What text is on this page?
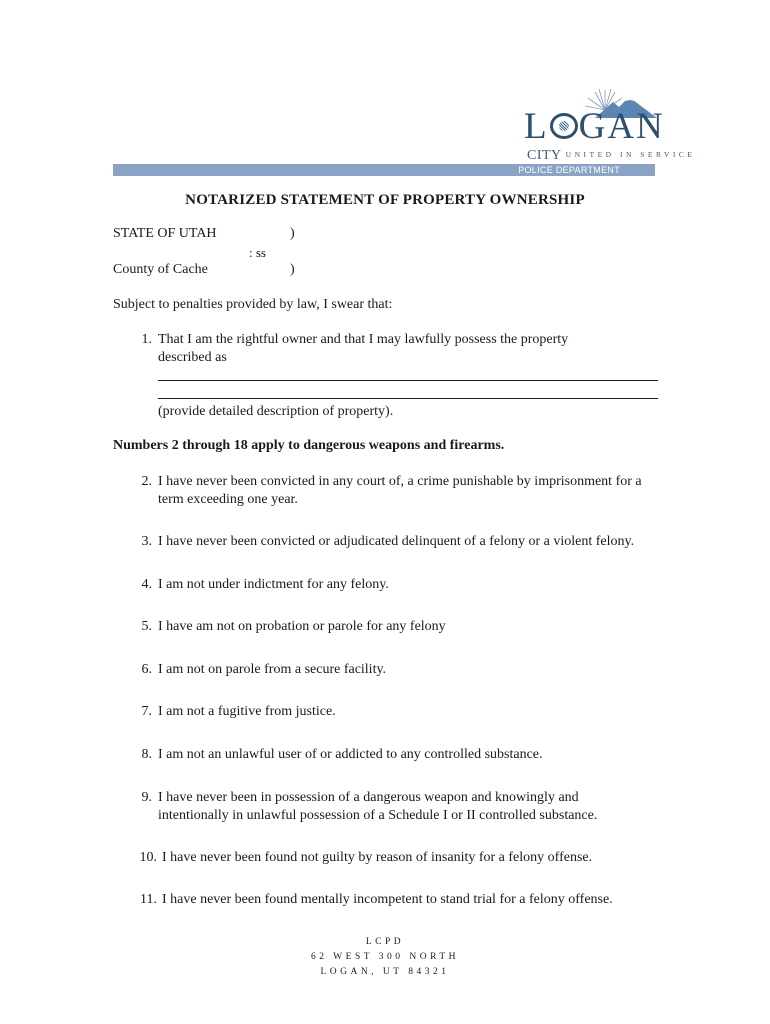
L GAN
CITY UNITED IN SERVICE
POLICE DEPARTMENT
NOTARIZED STATEMENT OF PROPERTY OWNERSHIP
STATE OF UTAH	)
: ss
County of Cache	)
Subject to penalties provided by law, I swear that:
1. That I am the rightful owner and that I may lawfully possess the property described as
(provide detailed description of property).
Numbers 2 through 18 apply to dangerous weapons and firearms.
2. I have never been convicted in any court of, a crime punishable by imprisonment for a term exceeding one year.
3. I have never been convicted or adjudicated delinquent of a felony or a violent felony.
4. I am not under indictment for any felony.
5. I have am not on probation or parole for any felony
6. I am not on parole from a secure facility.
7. I am not a fugitive from justice.
8. I am not an unlawful user of or addicted to any controlled substance.
9. I have never been in possession of a dangerous weapon and knowingly and intentionally in unlawful possession of a Schedule I or II controlled substance.
10. I have never been found not guilty by reason of insanity for a felony offense.
11. I have never been found mentally incompetent to stand trial for a felony offense.
LCPD
62 WEST 300 NORTH
LOGAN, UT 84321
